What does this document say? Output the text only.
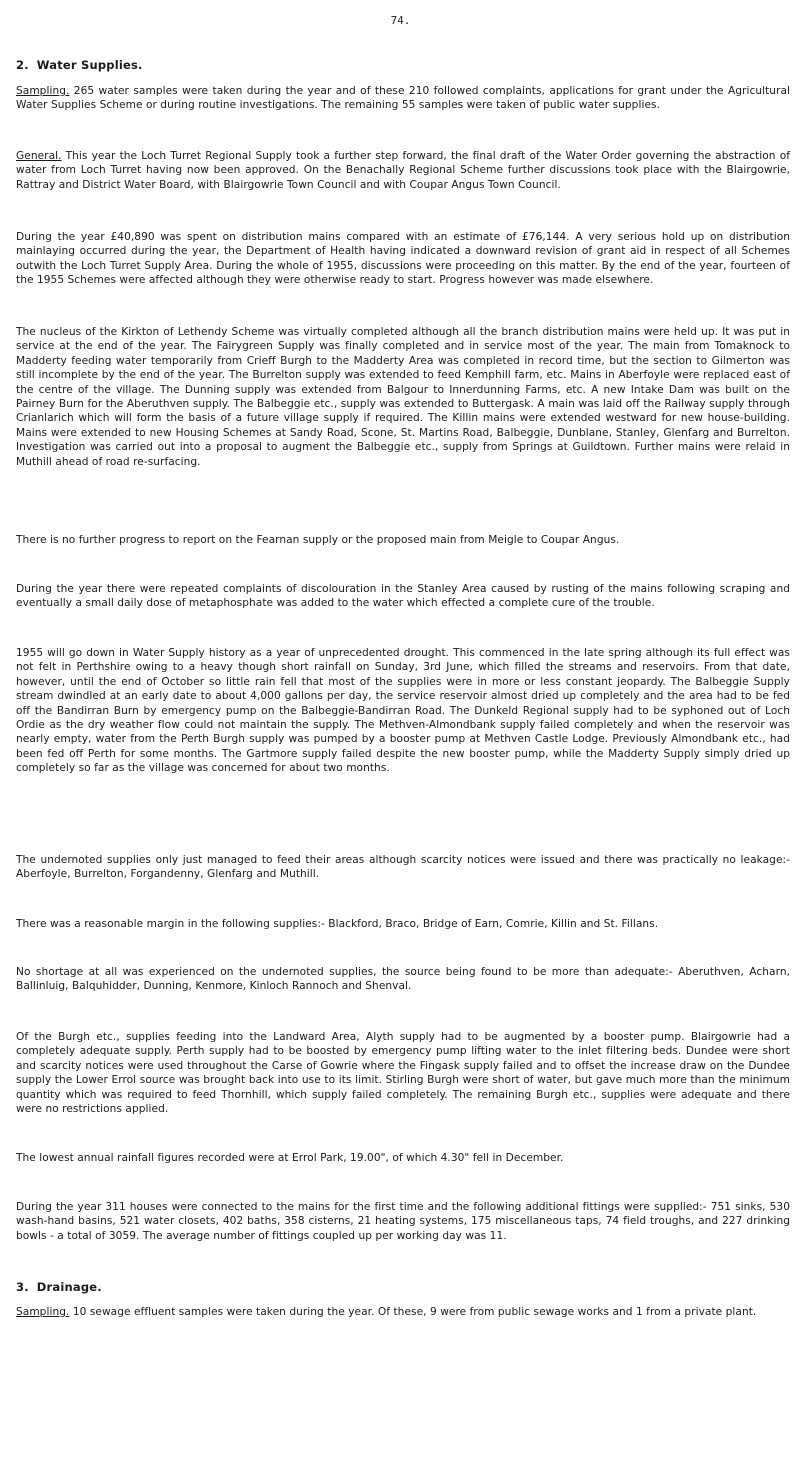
74.
2. Water Supplies.

Sampling. 265 water samples were taken during the year and of these 210 followed complaints, applications for grant under the Agricultural Water Supplies Scheme or during routine investigations. The remaining 55 samples were taken of public water supplies.

General. This year the Loch Turret Regional Supply took a further step forward, the final draft of the Water Order governing the abstraction of water from Loch Turret having now been approved. On the Benachally Regional Scheme further discussions took place with the Blairgowrie, Rattray and District Water Board, with Blairgowrie Town Council and with Coupar Angus Town Council.

During the year £40,890 was spent on distribution mains compared with an estimate of £76,144. A very serious hold up on distribution mainlaying occurred during the year, the Department of Health having indicated a downward revision of grant aid in respect of all Schemes outwith the Loch Turret Supply Area. During the whole of 1955, discussions were proceeding on this matter. By the end of the year, fourteen of the 1955 Schemes were affected although they were otherwise ready to start. Progress however was made elsewhere.

The nucleus of the Kirkton of Lethendy Scheme was virtually completed although all the branch distribution mains were held up. It was put in service at the end of the year. The Fairygreen Supply was finally completed and in service most of the year. The main from Tomaknock to Madderty feeding water temporarily from Crieff Burgh to the Madderty Area was completed in record time, but the section to Gilmerton was still incomplete by the end of the year. The Burrelton supply was extended to feed Kemphill farm, etc. Mains in Aberfoyle were replaced east of the centre of the village. The Dunning supply was extended from Balgour to Innerdunning Farms, etc. A new Intake Dam was built on the Pairney Burn for the Aberuthven supply. The Balbeggie etc., supply was extended to Buttergask. A main was laid off the Railway supply through Crianlarich which will form the basis of a future village supply if required. The Killin mains were extended westward for new house-building. Mains were extended to new Housing Schemes at Sandy Road, Scone, St. Martins Road, Balbeggie, Dunblane, Stanley, Glenfarg and Burrelton. Investigation was carried out into a proposal to augment the Balbeggie etc., supply from Springs at Guildtown. Further mains were relaid in Muthill ahead of road re-surfacing.

There is no further progress to report on the Fearnan supply or the proposed main from Meigle to Coupar Angus.

During the year there were repeated complaints of discolouration in the Stanley Area caused by rusting of the mains following scraping and eventually a small daily dose of metaphosphate was added to the water which effected a complete cure of the trouble.

1955 will go down in Water Supply history as a year of unprecedented drought. This commenced in the late spring although its full effect was not felt in Perthshire owing to a heavy though short rainfall on Sunday, 3rd June, which filled the streams and reservoirs. From that date, however, until the end of October so little rain fell that most of the supplies were in more or less constant jeopardy. The Balbeggie Supply stream dwindled at an early date to about 4,000 gallons per day, the service reservoir almost dried up completely and the area had to be fed off the Bandirran Burn by emergency pump on the Balbeggie-Bandirran Road. The Dunkeld Regional supply had to be syphoned out of Loch Ordie as the dry weather flow could not maintain the supply. The Methven-Almondbank supply failed completely and when the reservoir was nearly empty, water from the Perth Burgh supply was pumped by a booster pump at Methven Castle Lodge. Previously Almondbank etc., had been fed off Perth for some months. The Gartmore supply failed despite the new booster pump, while the Madderty Supply simply dried up completely so far as the village was concerned for about two months.

The undernoted supplies only just managed to feed their areas although scarcity notices were issued and there was practically no leakage:- Aberfoyle, Burrelton, Forgandenny, Glenfarg and Muthill.

There was a reasonable margin in the following supplies:- Blackford, Braco, Bridge of Earn, Comrie, Killin and St. Fillans.

No shortage at all was experienced on the undernoted supplies, the source being found to be more than adequate:- Aberuthven, Acharn, Ballinluig, Balquhidder, Dunning, Kenmore, Kinloch Rannoch and Shenval.

Of the Burgh etc., supplies feeding into the Landward Area, Alyth supply had to be augmented by a booster pump. Blairgowrie had a completely adequate supply. Perth supply had to be boosted by emergency pump lifting water to the inlet filtering beds. Dundee were short and scarcity notices were used throughout the Carse of Gowrie where the Fingask supply failed and to offset the increase draw on the Dundee supply the Lower Errol source was brought back into use to its limit. Stirling Burgh were short of water, but gave much more than the minimum quantity which was required to feed Thornhill, which supply failed completely. The remaining Burgh etc., supplies were adequate and there were no restrictions applied.

The lowest annual rainfall figures recorded were at Errol Park, 19.00", of which 4.30" fell in December.

During the year 311 houses were connected to the mains for the first time and the following additional fittings were supplied:- 751 sinks, 530 wash-hand basins, 521 water closets, 402 baths, 358 cisterns, 21 heating systems, 175 miscellaneous taps, 74 field troughs, and 227 drinking bowls - a total of 3059. The average number of fittings coupled up per working day was 11.

3. Drainage.

Sampling. 10 sewage effluent samples were taken during the year. Of these, 9 were from public sewage works and 1 from a private plant.
